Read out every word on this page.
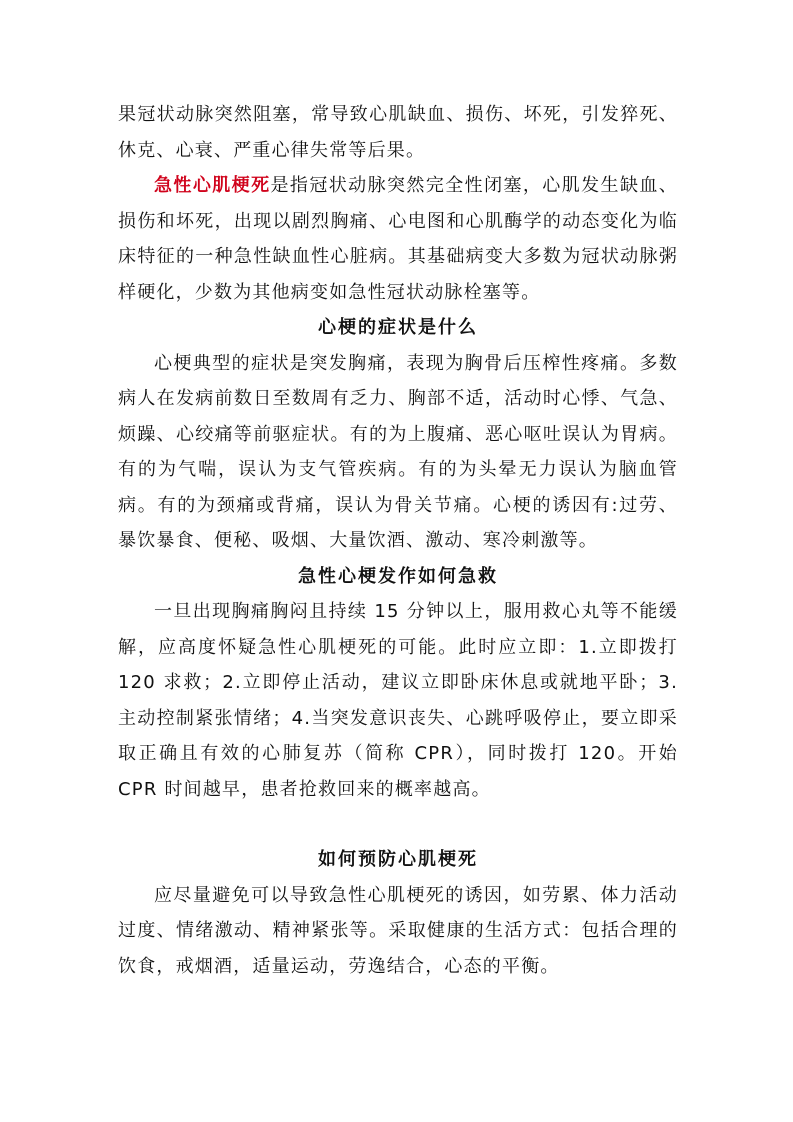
果冠状动脉突然阻塞，常导致心肌缺血、损伤、坏死，引发猝死、休克、心衰、严重心律失常等后果。

急性心肌梗死是指冠状动脉突然完全性闭塞，心肌发生缺血、损伤和坏死，出现以剧烈胸痛、心电图和心肌酶学的动态变化为临床特征的一种急性缺血性心脏病。其基础病变大多数为冠状动脉粥样硬化，少数为其他病变如急性冠状动脉栓塞等。

心梗的症状是什么

心梗典型的症状是突发胸痛，表现为胸骨后压榨性疼痛。多数病人在发病前数日至数周有乏力、胸部不适，活动时心悸、气急、烦躁、心绞痛等前驱症状。有的为上腹痛、恶心呕吐误认为胃病。有的为气喘，误认为支气管疾病。有的为头晕无力误认为脑血管病。有的为颈痛或背痛，误认为骨关节痛。心梗的诱因有:过劳、暴饮暴食、便秘、吸烟、大量饮酒、激动、寒冷刺激等。

急性心梗发作如何急救

一旦出现胸痛胸闷且持续 15 分钟以上，服用救心丸等不能缓解，应高度怀疑急性心肌梗死的可能。此时应立即：1.立即拨打 120 求救；2.立即停止活动，建议立即卧床休息或就地平卧；3.主动控制紧张情绪；4.当突发意识丧失、心跳呼吸停止，要立即采取正确且有效的心肺复苏（简称 CPR），同时拨打 120。开始 CPR 时间越早，患者抢救回来的概率越高。

如何预防心肌梗死

应尽量避免可以导致急性心肌梗死的诱因，如劳累、体力活动过度、情绪激动、精神紧张等。采取健康的生活方式：包括合理的饮食，戒烟酒，适量运动，劳逸结合，心态的平衡。
